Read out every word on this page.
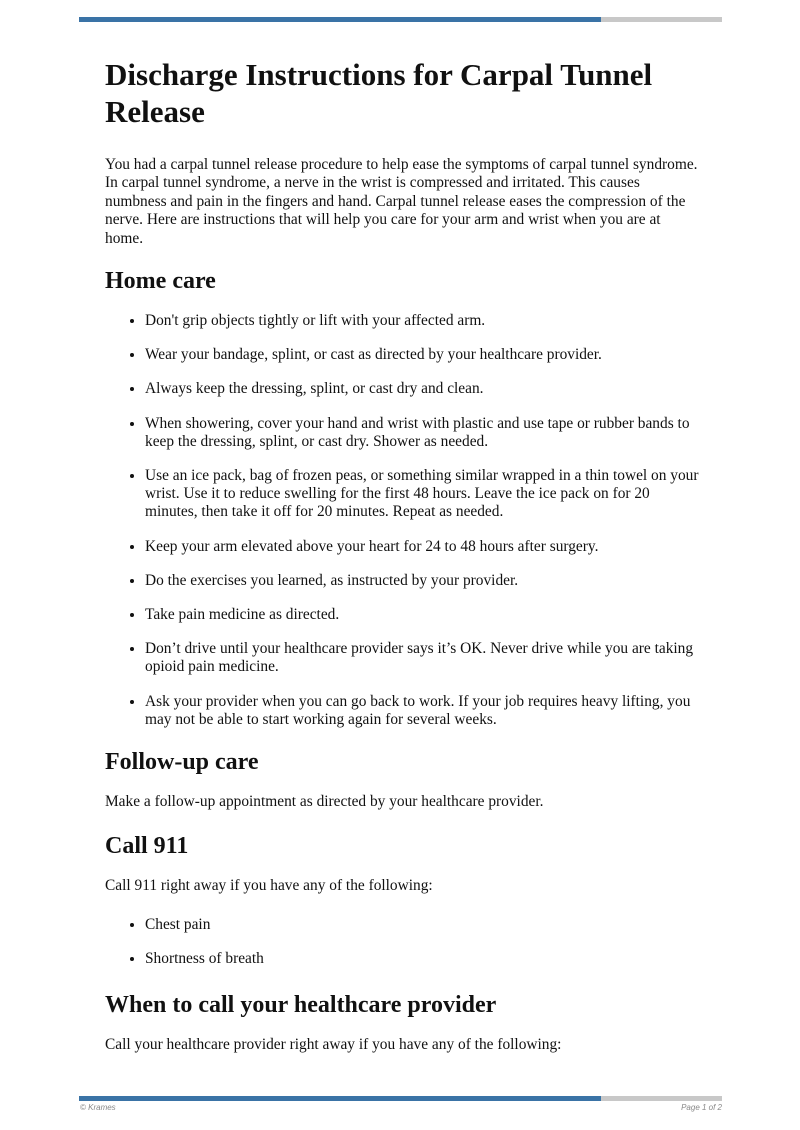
Discharge Instructions for Carpal Tunnel Release

You had a carpal tunnel release procedure to help ease the symptoms of carpal tunnel syndrome. In carpal tunnel syndrome, a nerve in the wrist is compressed and irritated. This causes numbness and pain in the fingers and hand. Carpal tunnel release eases the compression of the nerve. Here are instructions that will help you care for your arm and wrist when you are at home.

Home care
• Don't grip objects tightly or lift with your affected arm.
• Wear your bandage, splint, or cast as directed by your healthcare provider.
• Always keep the dressing, splint, or cast dry and clean.
• When showering, cover your hand and wrist with plastic and use tape or rubber bands to keep the dressing, splint, or cast dry. Shower as needed.
• Use an ice pack, bag of frozen peas, or something similar wrapped in a thin towel on your wrist. Use it to reduce swelling for the first 48 hours. Leave the ice pack on for 20 minutes, then take it off for 20 minutes. Repeat as needed.
• Keep your arm elevated above your heart for 24 to 48 hours after surgery.
• Do the exercises you learned, as instructed by your provider.
• Take pain medicine as directed.
• Don’t drive until your healthcare provider says it’s OK. Never drive while you are taking opioid pain medicine.
• Ask your provider when you can go back to work. If your job requires heavy lifting, you may not be able to start working again for several weeks.
Follow-up care

Make a follow-up appointment as directed by your healthcare provider.

Call 911

Call 911 right away if you have any of the following:

• Chest pain
• Shortness of breath
When to call your healthcare provider

Call your healthcare provider right away if you have any of the following:

© Krames	Page 1 of 2
